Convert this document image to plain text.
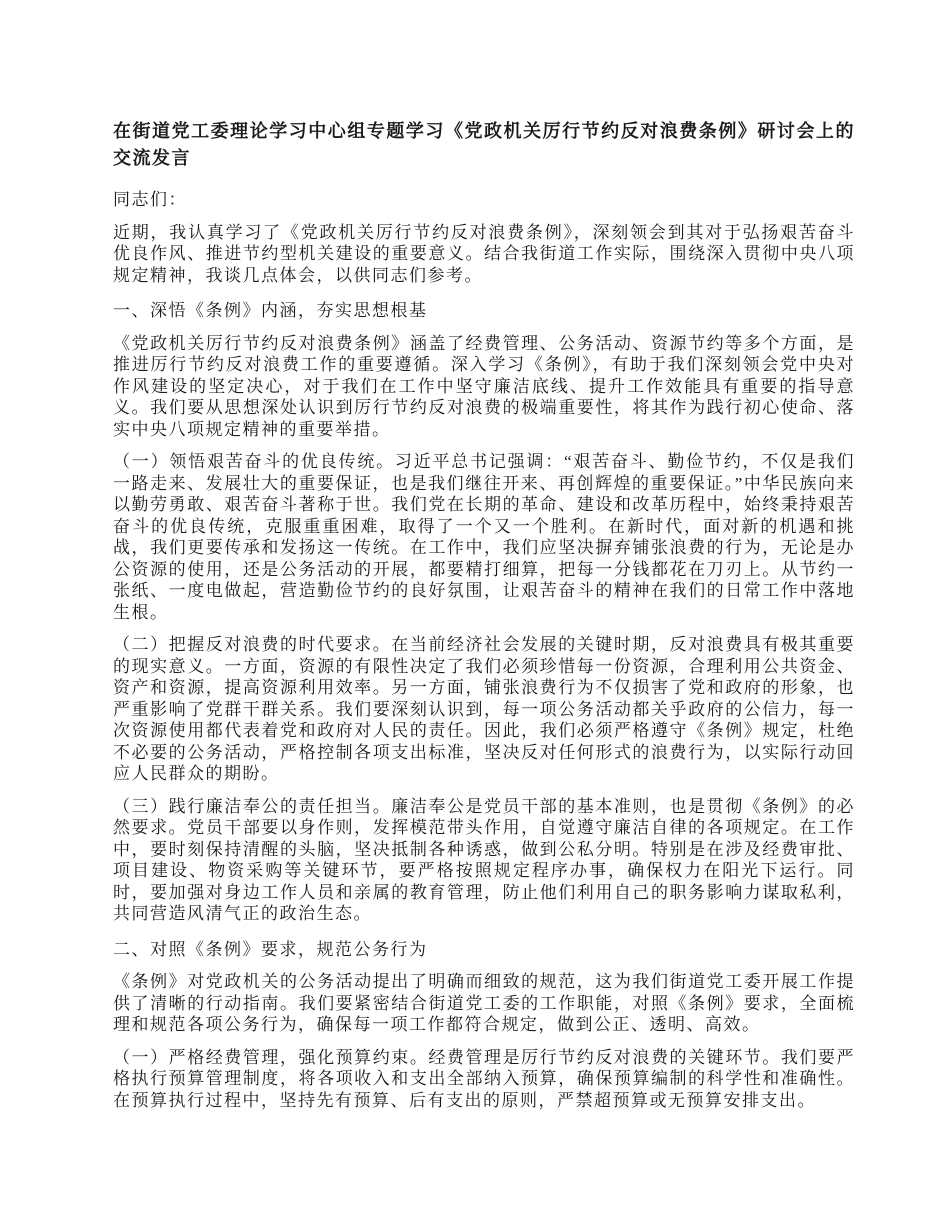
在街道党工委理论学习中心组专题学习《党政机关厉行节约反对浪费条例》研讨会上的交流发言

同志们：

近期，我认真学习了《党政机关厉行节约反对浪费条例》，深刻领会到其对于弘扬艰苦奋斗优良作风、推进节约型机关建设的重要意义。结合我街道工作实际，围绕深入贯彻中央八项规定精神，我谈几点体会，以供同志们参考。

一、深悟《条例》内涵，夯实思想根基

《党政机关厉行节约反对浪费条例》涵盖了经费管理、公务活动、资源节约等多个方面，是推进厉行节约反对浪费工作的重要遵循。深入学习《条例》，有助于我们深刻领会党中央对作风建设的坚定决心，对于我们在工作中坚守廉洁底线、提升工作效能具有重要的指导意义。我们要从思想深处认识到厉行节约反对浪费的极端重要性，将其作为践行初心使命、落实中央八项规定精神的重要举措。

（一）领悟艰苦奋斗的优良传统。习近平总书记强调：“艰苦奋斗、勤俭节约，不仅是我们一路走来、发展壮大的重要保证，也是我们继往开来、再创辉煌的重要保证。”中华民族向来以勤劳勇敢、艰苦奋斗著称于世。我们党在长期的革命、建设和改革历程中，始终秉持艰苦奋斗的优良传统，克服重重困难，取得了一个又一个胜利。在新时代，面对新的机遇和挑战，我们更要传承和发扬这一传统。在工作中，我们应坚决摒弃铺张浪费的行为，无论是办公资源的使用，还是公务活动的开展，都要精打细算，把每一分钱都花在刀刃上。从节约一张纸、一度电做起，营造勤俭节约的良好氛围，让艰苦奋斗的精神在我们的日常工作中落地生根。

（二）把握反对浪费的时代要求。在当前经济社会发展的关键时期，反对浪费具有极其重要的现实意义。一方面，资源的有限性决定了我们必须珍惜每一份资源，合理利用公共资金、资产和资源，提高资源利用效率。另一方面，铺张浪费行为不仅损害了党和政府的形象，也严重影响了党群干群关系。我们要深刻认识到，每一项公务活动都关乎政府的公信力，每一次资源使用都代表着党和政府对人民的责任。因此，我们必须严格遵守《条例》规定，杜绝不必要的公务活动，严格控制各项支出标准，坚决反对任何形式的浪费行为，以实际行动回应人民群众的期盼。

（三）践行廉洁奉公的责任担当。廉洁奉公是党员干部的基本准则，也是贯彻《条例》的必然要求。党员干部要以身作则，发挥模范带头作用，自觉遵守廉洁自律的各项规定。在工作中，要时刻保持清醒的头脑，坚决抵制各种诱惑，做到公私分明。特别是在涉及经费审批、项目建设、物资采购等关键环节，要严格按照规定程序办事，确保权力在阳光下运行。同时，要加强对身边工作人员和亲属的教育管理，防止他们利用自己的职务影响力谋取私利，共同营造风清气正的政治生态。

二、对照《条例》要求，规范公务行为

《条例》对党政机关的公务活动提出了明确而细致的规范，这为我们街道党工委开展工作提供了清晰的行动指南。我们要紧密结合街道党工委的工作职能，对照《条例》要求，全面梳理和规范各项公务行为，确保每一项工作都符合规定，做到公正、透明、高效。

（一）严格经费管理，强化预算约束。经费管理是厉行节约反对浪费的关键环节。我们要严格执行预算管理制度，将各项收入和支出全部纳入预算，确保预算编制的科学性和准确性。在预算执行过程中，坚持先有预算、后有支出的原则，严禁超预算或无预算安排支出。
